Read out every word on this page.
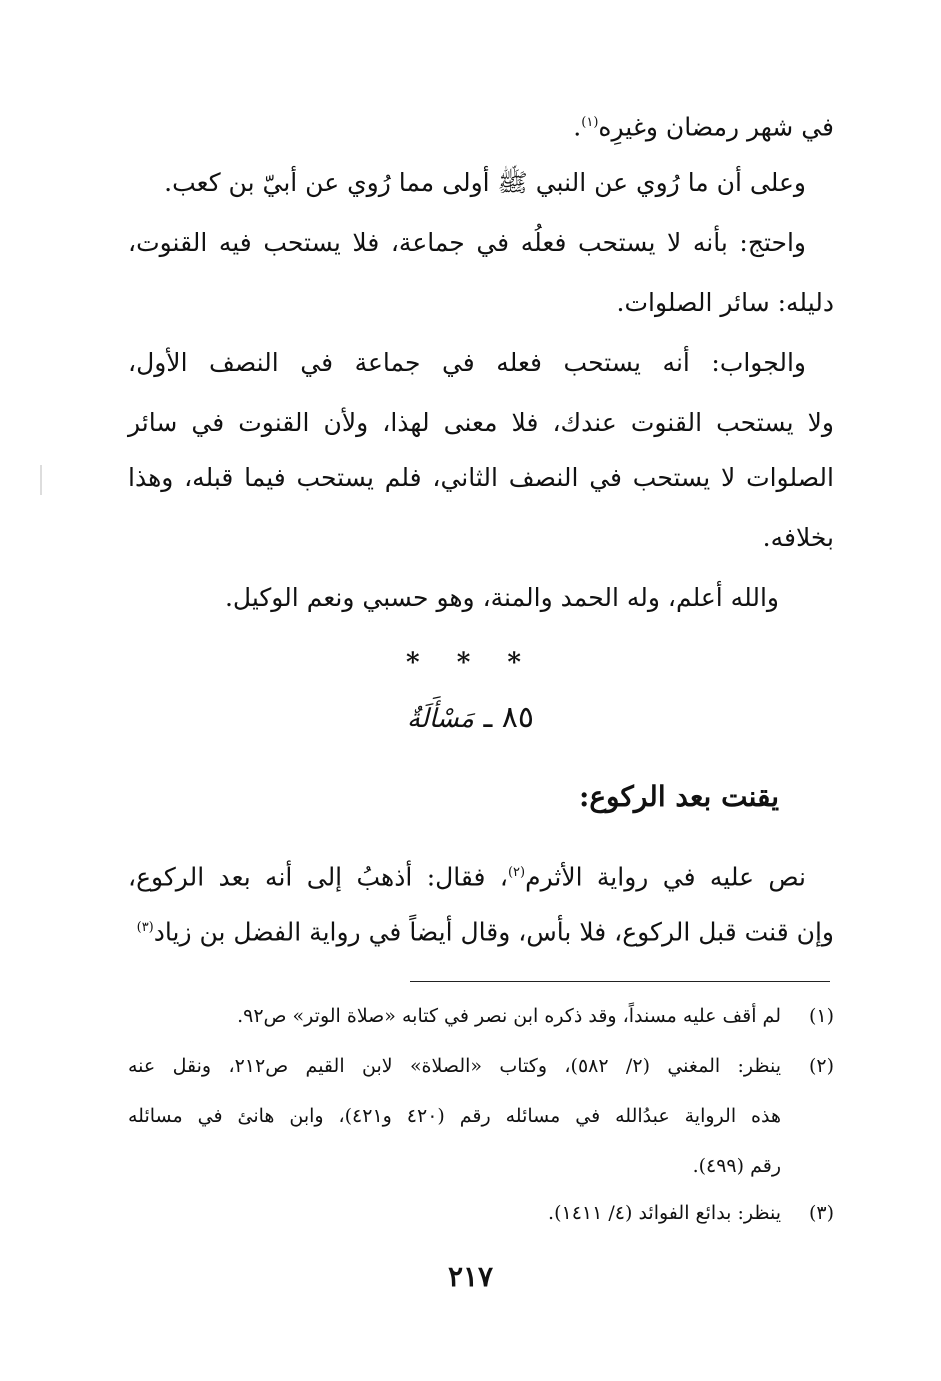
في شهر رمضان وغيرِه$^{(١)}$.
وعلى أن ما رُوي عن النبي ﷺ أولى مما رُوي عن أبيّ بن كعب.
واحتج: بأنه لا يستحب فعلُه في جماعة، فلا يستحب فيه القنوت،
دليله: سائر الصلوات.
والجواب: أنه يستحب فعله في جماعة في النصف الأول،
ولا يستحب القنوت عندك، فلا معنى لهذا، ولأن القنوت في سائر
الصلوات لا يستحب في النصف الثاني، فلم يستحب فيما قبله، وهذا
بخلافه.
والله أعلم، وله الحمد والمنة، وهو حسبي ونعم الوكيل.
* * *
٨٥ ـ مَسْأَلَةٌ
يقنت بعد الركوع:
نص عليه في رواية الأثرم$^{(٢)}$، فقال: أذهبُ إلى أنه بعد الركوع،
وإن قنت قبل الركوع، فلا بأس، وقال أيضاً في رواية الفضل بن زياد$^{(٣)}$
(١)
لم أقف عليه مسنداً، وقد ذكره ابن نصر في كتابه «صلاة الوتر» ص٩٢.
(٢)
ينظر: المغني (٢/ ٥٨٢)، وكتاب «الصلاة» لابن القيم ص٢١٢، ونقل عنه
هذه الرواية عبدُالله في مسائله رقم (٤٢٠ و٤٢١)، وابن هانئ في مسائله
رقم (٤٩٩).
(٣)
ينظر: بدائع الفوائد (٤/ ١٤١١).
٢١٧
